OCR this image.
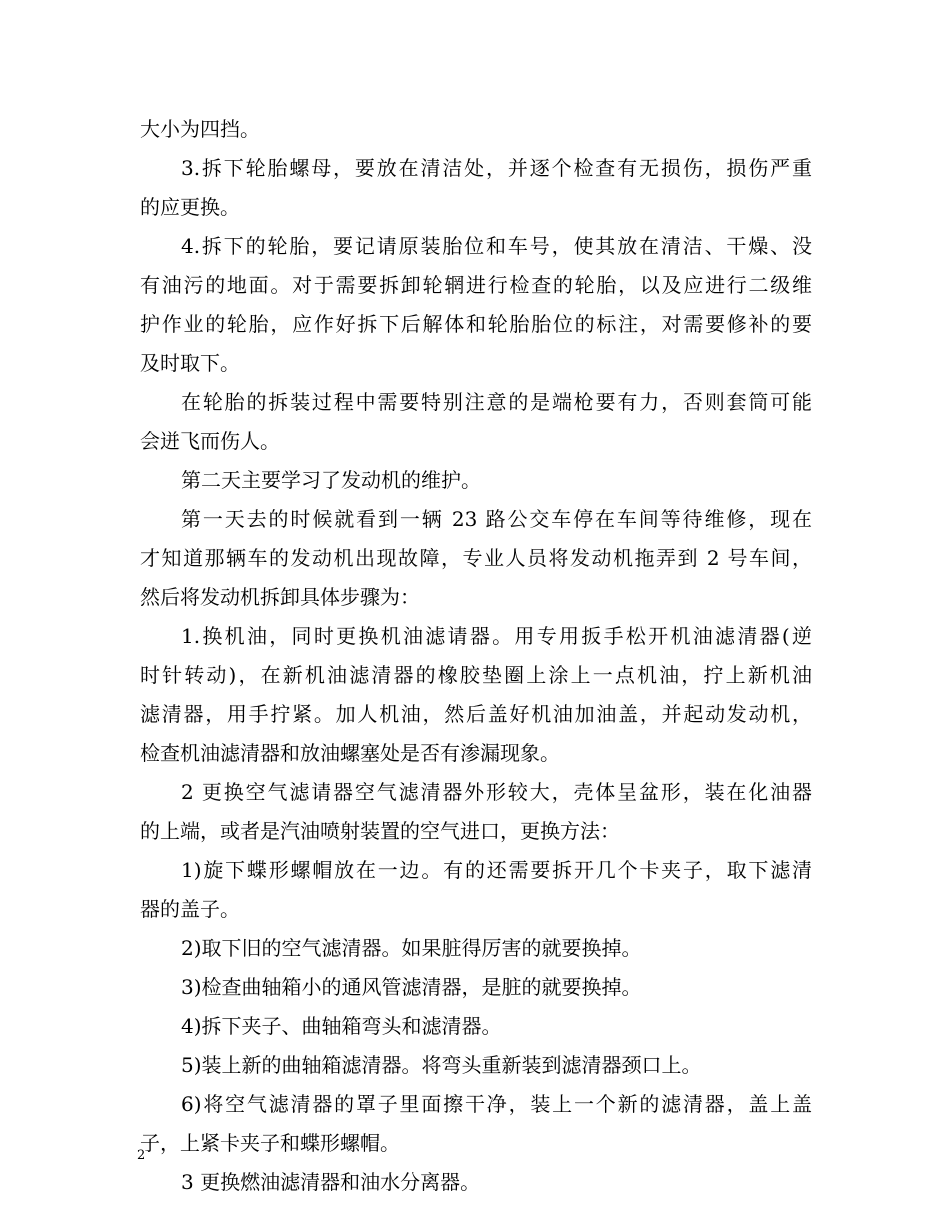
大小为四挡。
3.拆下轮胎螺母，要放在清洁处，并逐个检查有无损伤，损伤严重
的应更换。
4.拆下的轮胎，要记请原装胎位和车号，使其放在清洁、干燥、没
有油污的地面。对于需要拆卸轮辋进行检查的轮胎，以及应进行二级维
护作业的轮胎，应作好拆下后解体和轮胎胎位的标注，对需要修补的要
及时取下。
在轮胎的拆装过程中需要特别注意的是端枪要有力，否则套筒可能
会迸飞而伤人。
第二天主要学习了发动机的维护。
第一天去的时候就看到一辆 23 路公交车停在车间等待维修，现在
才知道那辆车的发动机出现故障，专业人员将发动机拖弄到 2 号车间，
然后将发动机拆卸具体步骤为：
1.换机油，同时更换机油滤请器。用专用扳手松开机油滤清器(逆
时针转动)，在新机油滤清器的橡胶垫圈上涂上一点机油，拧上新机油
滤清器，用手拧紧。加人机油，然后盖好机油加油盖，并起动发动机，
检查机油滤清器和放油螺塞处是否有渗漏现象。
2 更换空气滤请器空气滤清器外形较大，壳体呈盆形，装在化油器
的上端，或者是汽油喷射装置的空气进口，更换方法：
1)旋下蝶形螺帽放在一边。有的还需要拆开几个卡夹子，取下滤清
器的盖子。
2)取下旧的空气滤清器。如果脏得厉害的就要换掉。
3)检查曲轴箱小的通风管滤清器，是脏的就要换掉。
4)拆下夹子、曲轴箱弯头和滤清器。
5)装上新的曲轴箱滤清器。将弯头重新装到滤清器颈口上。
6)将空气滤清器的罩子里面擦干净，装上一个新的滤清器，盖上盖
子，上紧卡夹子和蝶形螺帽。
3 更换燃油滤清器和油水分离器。
2
